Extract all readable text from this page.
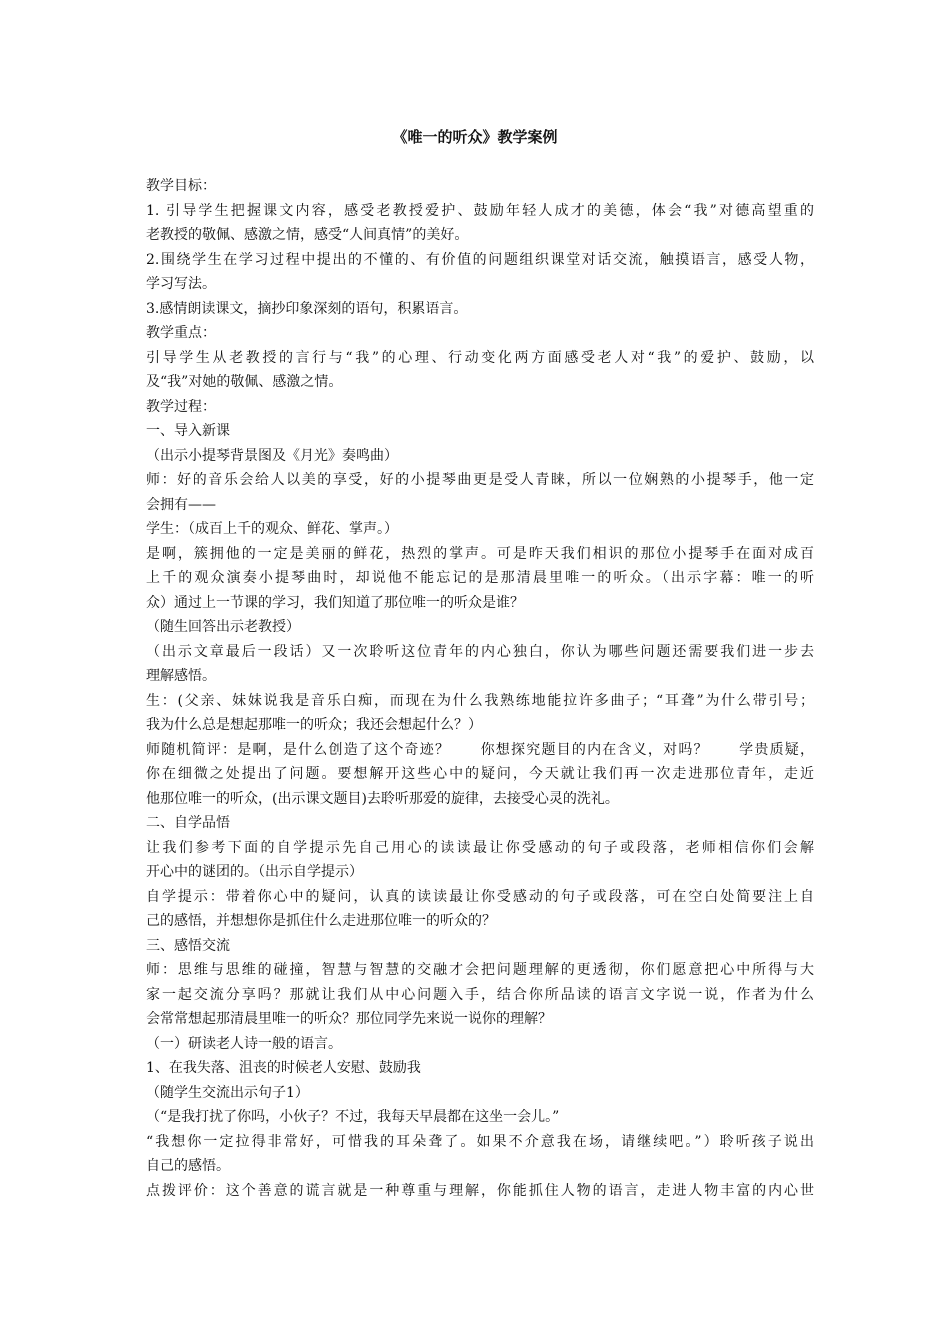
《唯一的听众》教学案例
教学目标：
1. 引导学生把握课文内容，感受老教授爱护、鼓励年轻人成才的美德，体会“我”对德高望重的
老教授的敬佩、感激之情，感受“人间真情”的美好。
2.围绕学生在学习过程中提出的不懂的、有价值的问题组织课堂对话交流，触摸语言，感受人物，
学习写法。
3.感情朗读课文，摘抄印象深刻的语句，积累语言。
教学重点：
引导学生从老教授的言行与“我”的心理、行动变化两方面感受老人对“我”的爱护、鼓励，以
及“我”对她的敬佩、感激之情。
教学过程：
一、导入新课
（出示小提琴背景图及《月光》奏鸣曲）
师：好的音乐会给人以美的享受，好的小提琴曲更是受人青睐，所以一位娴熟的小提琴手，他一定
会拥有——
学生：（成百上千的观众、鲜花、掌声。）
是啊，簇拥他的一定是美丽的鲜花，热烈的掌声。可是昨天我们相识的那位小提琴手在面对成百
上千的观众演奏小提琴曲时，却说他不能忘记的是那清晨里唯一的听众。（出示字幕：唯一的听
众）通过上一节课的学习，我们知道了那位唯一的听众是谁？
（随生回答出示老教授）
（出示文章最后一段话）又一次聆听这位青年的内心独白，你认为哪些问题还需要我们进一步去
理解感悟。
生：(父亲、妹妹说我是音乐白痴，而现在为什么我熟练地能拉许多曲子；“耳聋”为什么带引号；
我为什么总是想起那唯一的听众；我还会想起什么？）
师随机简评：是啊，是什么创造了这个奇迹？　　你想探究题目的内在含义，对吗？　　学贵质疑，
你在细微之处提出了问题。要想解开这些心中的疑问，今天就让我们再一次走进那位青年，走近
他那位唯一的听众，(出示课文题目)去聆听那爱的旋律，去接受心灵的洗礼。
二、自学品悟
让我们参考下面的自学提示先自己用心的读读最让你受感动的句子或段落，老师相信你们会解
开心中的谜团的。（出示自学提示）
自学提示：带着你心中的疑问，认真的读读最让你受感动的句子或段落，可在空白处简要注上自
己的感悟，并想想你是抓住什么走进那位唯一的听众的？
三、感悟交流
师：思维与思维的碰撞，智慧与智慧的交融才会把问题理解的更透彻，你们愿意把心中所得与大
家一起交流分享吗？那就让我们从中心问题入手，结合你所品读的语言文字说一说，作者为什么
会常常想起那清晨里唯一的听众？那位同学先来说一说你的理解？
（一）研读老人诗一般的语言。
1、在我失落、沮丧的时候老人安慰、鼓励我
（随学生交流出示句子1）
（“是我打扰了你吗，小伙子？不过，我每天早晨都在这坐一会儿。”
“我想你一定拉得非常好，可惜我的耳朵聋了。如果不介意我在场，请继续吧。”）聆听孩子说出
自己的感悟。
点拨评价：这个善意的谎言就是一种尊重与理解，你能抓住人物的语言，走进人物丰富的内心世
